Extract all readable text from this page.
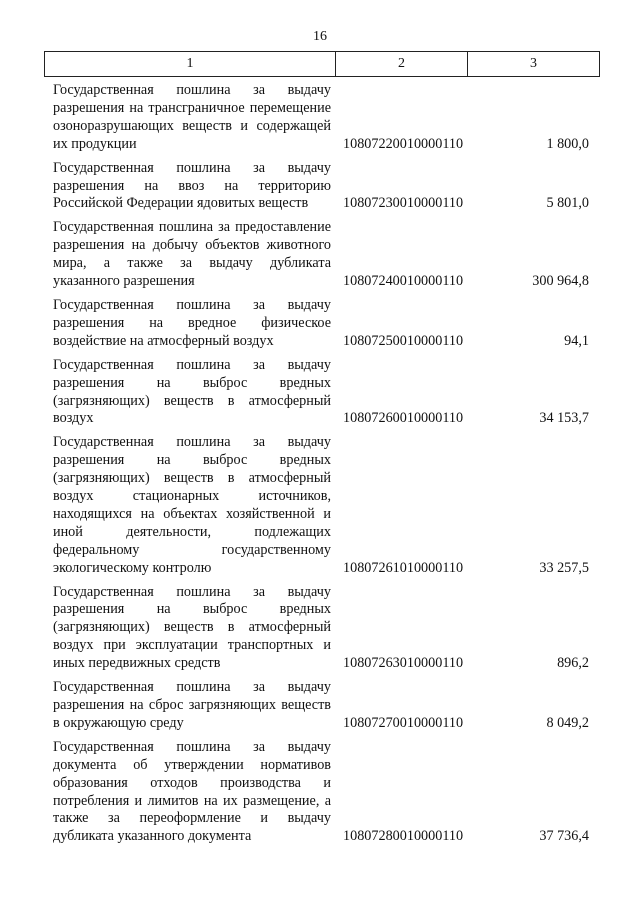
16
1	2	3
Государственная пошлина за выдачу разрешения на трансграничное перемещение озоноразрушающих веществ и содержащей их продукции	10807220010000110	1 800,0
Государственная пошлина за выдачу разрешения на ввоз на территорию Российской Федерации ядовитых веществ	10807230010000110	5 801,0
Государственная пошлина за предоставление разрешения на добычу объектов животного мира, а также за выдачу дубликата указанного разрешения	10807240010000110	300 964,8
Государственная пошлина за выдачу разрешения на вредное физическое воздействие на атмосферный воздух	10807250010000110	94,1
Государственная пошлина за выдачу разрешения на выброс вредных (загрязняющих) веществ в атмосферный воздух	10807260010000110	34 153,7
Государственная пошлина за выдачу разрешения на выброс вредных (загрязняющих) веществ в атмосферный воздух стационарных источников, находящихся на объектах хозяйственной и иной деятельности, подлежащих федеральному государственному экологическому контролю	10807261010000110	33 257,5
Государственная пошлина за выдачу разрешения на выброс вредных (загрязняющих) веществ в атмосферный воздух при эксплуатации транспортных и иных передвижных средств	10807263010000110	896,2
Государственная пошлина за выдачу разрешения на сброс загрязняющих веществ в окружающую среду	10807270010000110	8 049,2
Государственная пошлина за выдачу документа об утверждении нормативов образования отходов производства и потребления и лимитов на их размещение, а также за переоформление и выдачу дубликата указанного документа	10807280010000110	37 736,4
